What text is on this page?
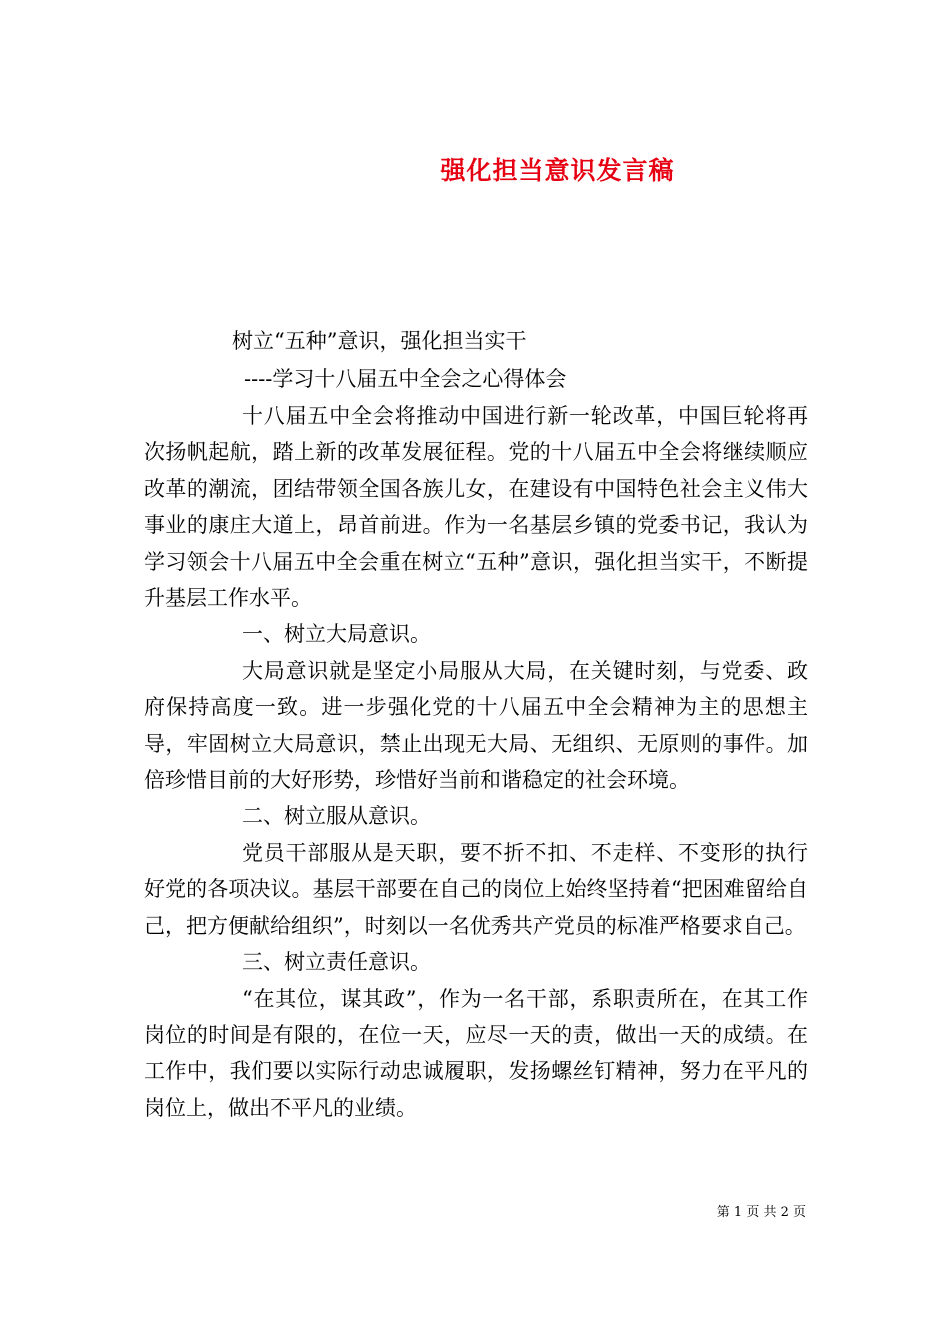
强化担当意识发言稿
树立“五种”意识，强化担当实干
----学习十八届五中全会之心得体会

十八届五中全会将推动中国进行新一轮改革，中国巨轮将再次扬帆起航，踏上新的改革发展征程。党的十八届五中全会将继续顺应改革的潮流，团结带领全国各族儿女，在建设有中国特色社会主义伟大事业的康庄大道上，昂首前进。作为一名基层乡镇的党委书记，我认为学习领会十八届五中全会重在树立“五种”意识，强化担当实干，不断提升基层工作水平。

一、树立大局意识。

大局意识就是坚定小局服从大局，在关键时刻，与党委、政府保持高度一致。进一步强化党的十八届五中全会精神为主的思想主导，牢固树立大局意识，禁止出现无大局、无组织、无原则的事件。加倍珍惜目前的大好形势，珍惜好当前和谐稳定的社会环境。

二、树立服从意识。

党员干部服从是天职，要不折不扣、不走样、不变形的执行好党的各项决议。基层干部要在自己的岗位上始终坚持着“把困难留给自己，把方便献给组织”，时刻以一名优秀共产党员的标准严格要求自己。

三、树立责任意识。

“在其位，谋其政”，作为一名干部，系职责所在，在其工作岗位的时间是有限的，在位一天，应尽一天的责，做出一天的成绩。在工作中，我们要以实际行动忠诚履职，发扬螺丝钉精神，努力在平凡的岗位上，做出不平凡的业绩。

第 1 页 共 2 页
